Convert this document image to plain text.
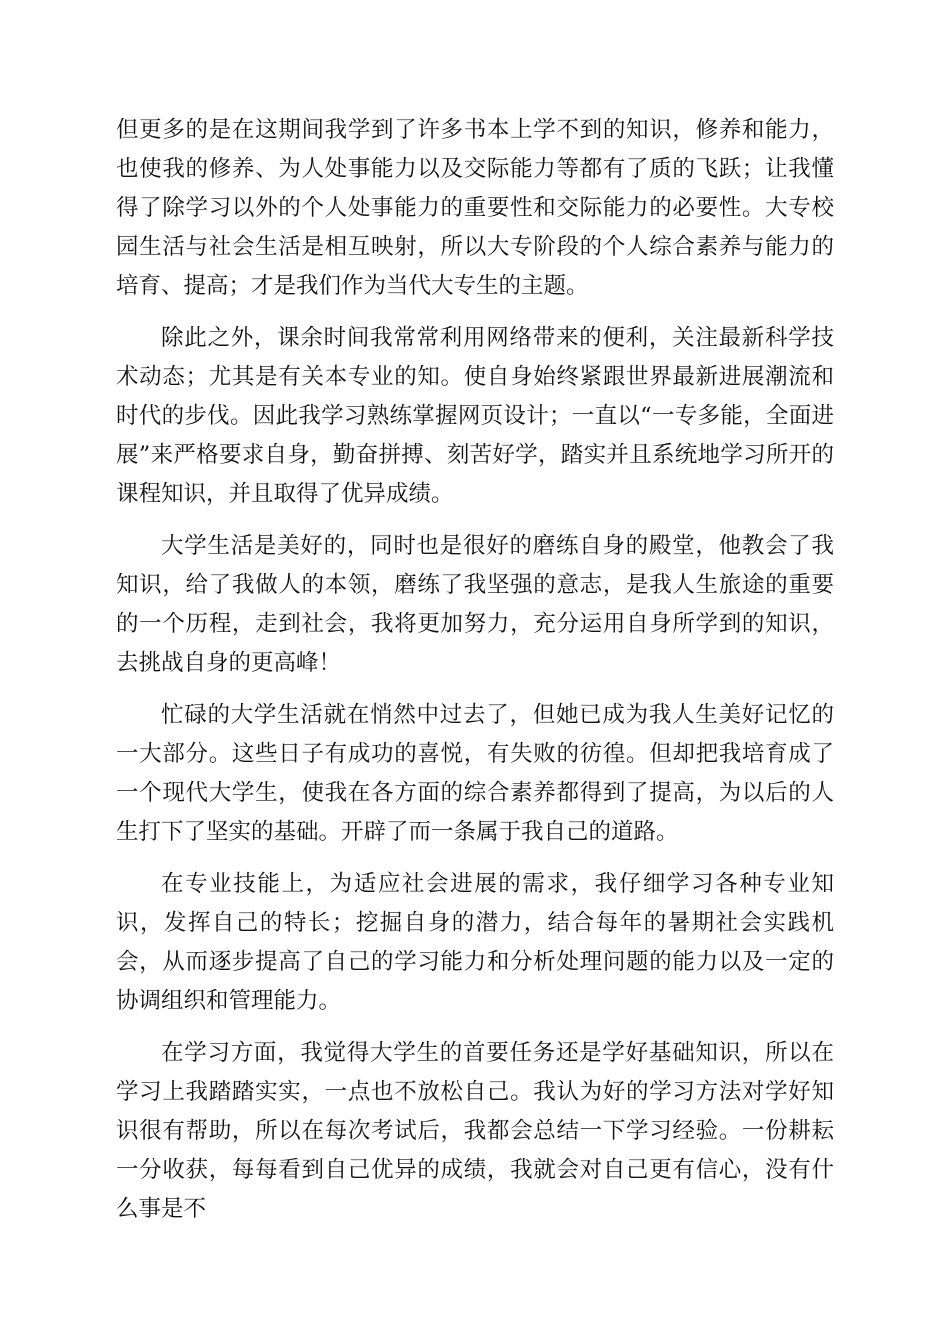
但更多的是在这期间我学到了许多书本上学不到的知识，修养和能力，也使我的修养、为人处事能力以及交际能力等都有了质的飞跃；让我懂得了除学习以外的个人处事能力的重要性和交际能力的必要性。大专校园生活与社会生活是相互映射，所以大专阶段的个人综合素养与能力的培育、提高；才是我们作为当代大专生的主题。

除此之外，课余时间我常常利用网络带来的便利，关注最新科学技术动态；尤其是有关本专业的知。使自身始终紧跟世界最新进展潮流和时代的步伐。因此我学习熟练掌握网页设计；一直以“一专多能，全面进展”来严格要求自身，勤奋拼搏、刻苦好学，踏实并且系统地学习所开的课程知识，并且取得了优异成绩。

大学生活是美好的，同时也是很好的磨练自身的殿堂，他教会了我知识，给了我做人的本领，磨练了我坚强的意志，是我人生旅途的重要的一个历程，走到社会，我将更加努力，充分运用自身所学到的知识，去挑战自身的更高峰！

忙碌的大学生活就在悄然中过去了，但她已成为我人生美好记忆的一大部分。这些日子有成功的喜悦，有失败的彷徨。但却把我培育成了一个现代大学生，使我在各方面的综合素养都得到了提高，为以后的人生打下了坚实的基础。开辟了而一条属于我自己的道路。

在专业技能上，为适应社会进展的需求，我仔细学习各种专业知识，发挥自己的特长；挖掘自身的潜力，结合每年的暑期社会实践机会，从而逐步提高了自己的学习能力和分析处理问题的能力以及一定的协调组织和管理能力。

在学习方面，我觉得大学生的首要任务还是学好基础知识，所以在学习上我踏踏实实，一点也不放松自己。我认为好的学习方法对学好知识很有帮助，所以在每次考试后，我都会总结一下学习经验。一份耕耘一分收获，每每看到自己优异的成绩，我就会对自己更有信心，没有什么事是不
